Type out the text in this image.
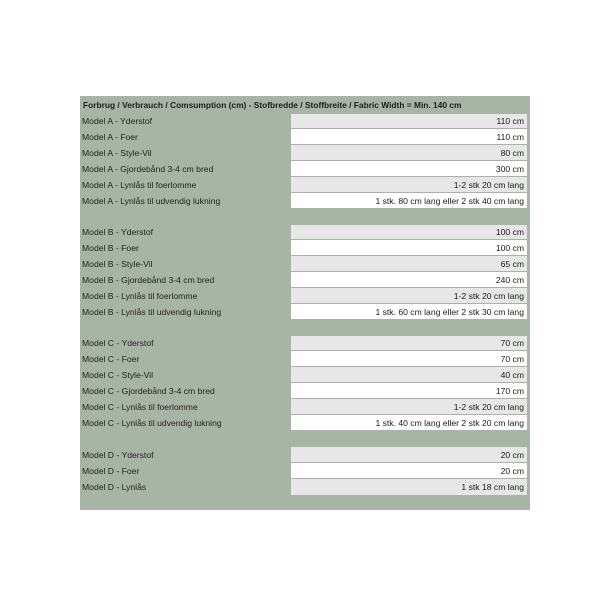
Forbrug / Verbrauch / Comsumption (cm) - Stofbredde / Stoffbreite / Fabric Width = Min. 140 cm
Model A - Yderstof	110 cm
Model A - Foer	110 cm
Model A - Style-Vil	80 cm
Model A - Gjordebånd 3-4 cm bred	300 cm
Model A - Lynlås til foerlomme	1-2 stk 20 cm lang
Model A - Lynlås til udvendig lukning	1 stk. 80 cm lang eller 2 stk 40 cm lang
Model B - Yderstof	100 cm
Model B - Foer	100 cm
Model B - Style-Vil	65 cm
Model B - Gjordebånd 3-4 cm bred	240 cm
Model B - Lynlås til foerlomme	1-2 stk 20 cm lang
Model B - Lynlås til udvendig lukning	1 stk. 60 cm lang eller 2 stk 30 cm lang
Model C - Yderstof	70 cm
Model C - Foer	70 cm
Model C - Style-Vil	40 cm
Model C - Gjordebånd 3-4 cm bred	170 cm
Model C - Lynlås til foerlomme	1-2 stk 20 cm lang
Model C - Lynlås til udvendig lukning	1 stk. 40 cm lang eller 2 stk 20 cm lang
Model D - Yderstof	20 cm
Model D - Foer	20 cm
Model D - Lynlås	1 stk 18 cm lang
